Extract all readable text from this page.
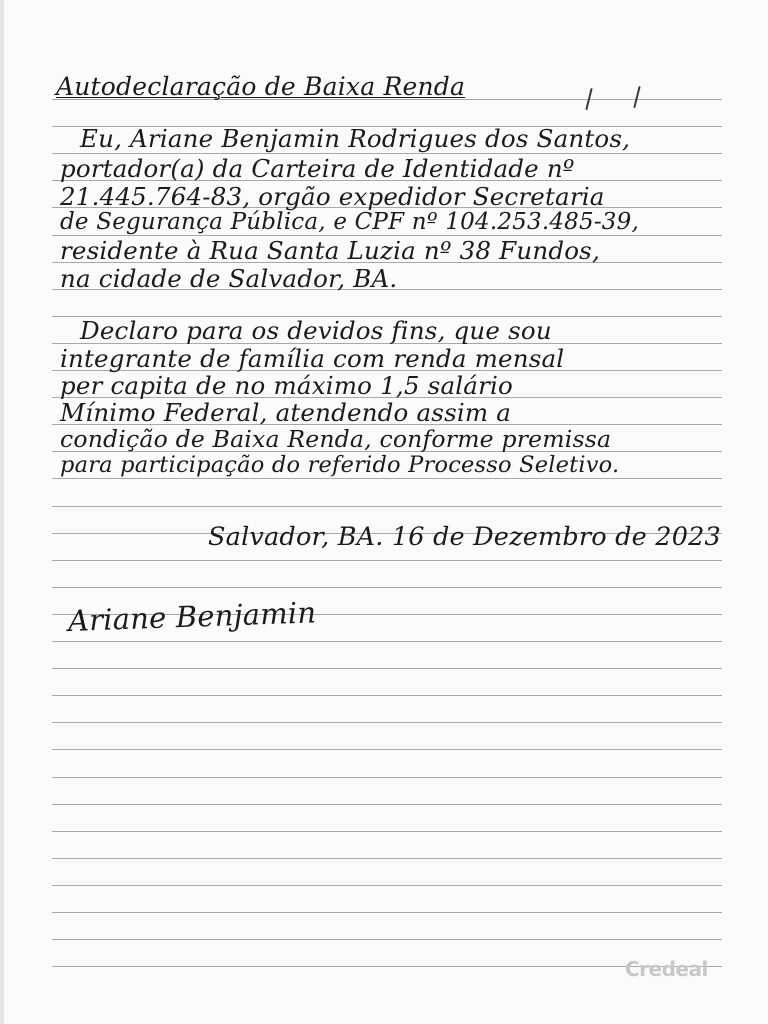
Autodeclaração de Baixa Renda
Eu, Ariane Benjamin Rodrigues dos Santos,
portador(a) da Carteira de Identidade nº
21.445.764-83, orgão expedidor Secretaria
de Segurança Pública, e CPF nº 104.253.485-39,
residente à Rua Santa Luzia nº 38 Fundos,
na cidade de Salvador, BA.
Declaro para os devidos fins, que sou
integrante de família com renda mensal
per capita de no máximo 1,5 salário
Mínimo Federal, atendendo assim a
condição de Baixa Renda, conforme premissa
para participação do referido Processo Seletivo.
Salvador, BA. 16 de Dezembro de 2023
Ariane Benjamin
Credeal
